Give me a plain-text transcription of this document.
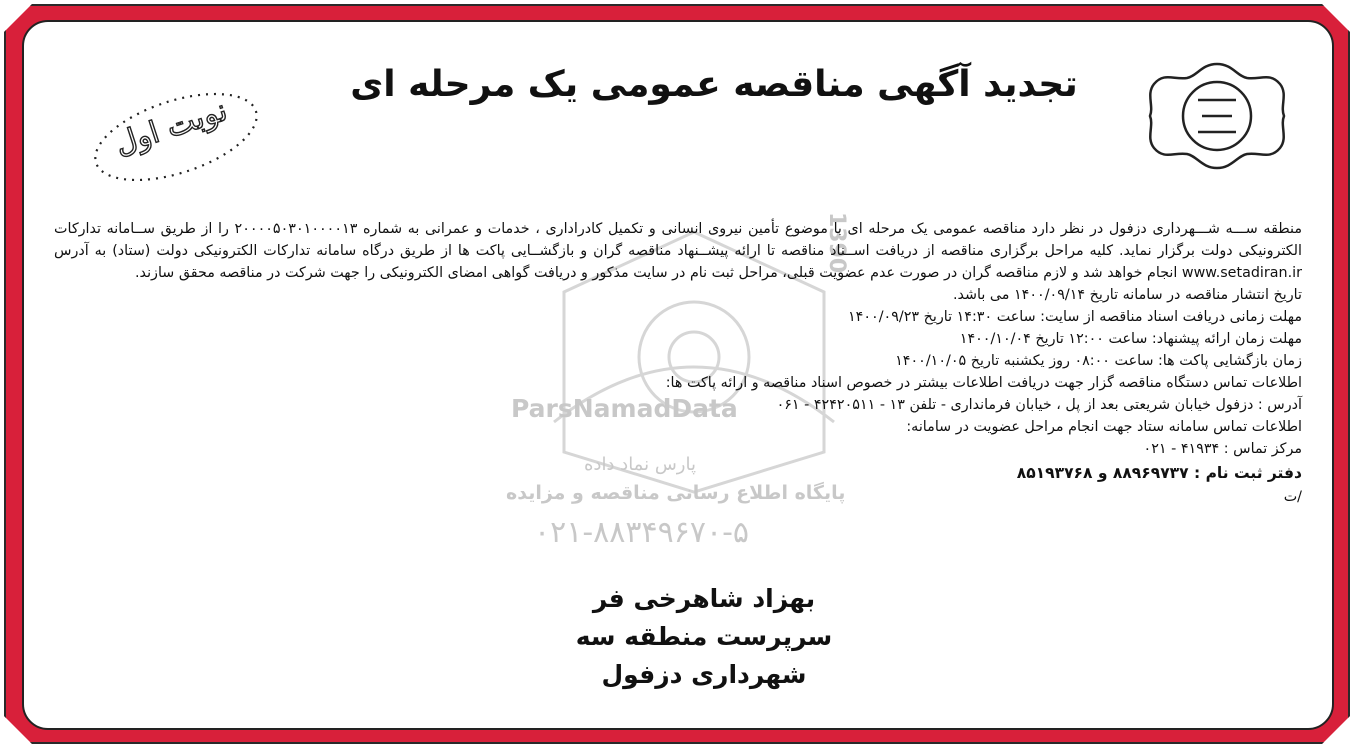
1390
ParsNamadData
پارس نماد داده
پایگاه اطلاع رسانی مناقصه و مزایده
۰۲۱-۸۸۳۴۹۶۷۰-۵
نوبت اول
تجدید آگهی مناقصه عمومی یک مرحله ای

منطقه ســـه شـــهرداری دزفول در نظر دارد مناقصه عمومی یک مرحله ای با موضوع تأمین نیروی انسانی و تکمیل کادراداری ، خدمات و عمرانی به شماره ۲۰۰۰۰۵۰۳۰۱۰۰۰۰۱۳ را از طریق ســامانه تدارکات الکترونیکی دولت برگزار نماید. کلیه مراحل برگزاری مناقصه از دریافت اســناد مناقصه تا ارائه پیشــنهاد مناقصه گران و بازگشــایی پاکت ها از طریق درگاه سامانه تدارکات الکترونیکی دولت (ستاد) به آدرس www.setadiran.ir انجام خواهد شد و لازم مناقصه گران در صورت عدم عضویت قبلی، مراحل ثبت نام در سایت مذکور و دریافت گواهی امضای الکترونیکی را جهت شرکت در مناقصه محقق سازند.

تاریخ انتشار مناقصه در سامانه تاریخ ۱۴۰۰/۰۹/۱۴ می باشد.

مهلت زمانی دریافت اسناد مناقصه از سایت: ساعت ۱۴:۳۰ تاریخ ۱۴۰۰/۰۹/۲۳

مهلت زمان ارائه پیشنهاد: ساعت ۱۲:۰۰ تاریخ ۱۴۰۰/۱۰/۰۴

زمان بازگشایی پاکت ها: ساعت ۰۸:۰۰ روز یکشنبه تاریخ ۱۴۰۰/۱۰/۰۵

اطلاعات تماس دستگاه مناقصه گزار جهت دریافت اطلاعات بیشتر در خصوص اسناد مناقصه و ارائه پاکت ها:

آدرس : دزفول خیابان شریعتی بعد از پل ، خیابان فرمانداری - تلفن ۱۳ - ۴۲۴۲۰۵۱۱ - ۰۶۱

اطلاعات تماس سامانه ستاد جهت انجام مراحل عضویت در سامانه:

مرکز تماس : ۴۱۹۳۴ - ۰۲۱

دفتر ثبت نام : ۸۸۹۶۹۷۳۷ و ۸۵۱۹۳۷۶۸

/ت

بهزاد شاهرخی فر
سرپرست منطقه سه
شهرداری دزفول
